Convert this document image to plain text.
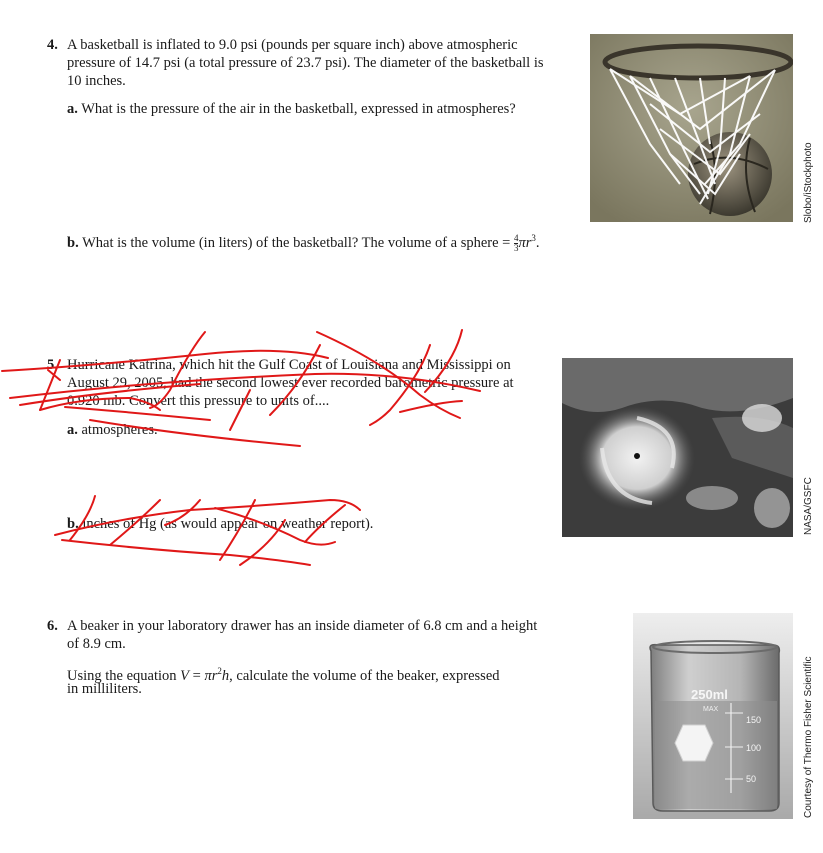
4. A basketball is inflated to 9.0 psi (pounds per square inch) above atmospheric
pressure of 14.7 psi (a total pressure of 23.7 psi). The diameter of the basketball is
10 inches.
a. What is the pressure of the air in the basketball, expressed in atmospheres?
b. What is the volume (in liters) of the basketball? The volume of a sphere = $\frac{4}{3} \pi r^3$.
Slobo/iStockphoto
5. Hurricane Katrina, which hit the Gulf Coast of Louisiana and Mississippi on
August 29, 2005, had the second lowest ever recorded barometric pressure at
0.920 mb. Convert this pressure to units of....
a. atmospheres.
b. inches of Hg (as would appear on weather report).	NASA/GSFC
6. A beaker in your laboratory drawer has an inside diameter of 6.8 cm and a height
of 8.9 cm.
Using the equation $V = \pi r^2h$, calculate the volume of the beaker, expressed
in milliliters.	250ml
MAX
150
100
50	Courtesy of Thermo Fisher Scientific
